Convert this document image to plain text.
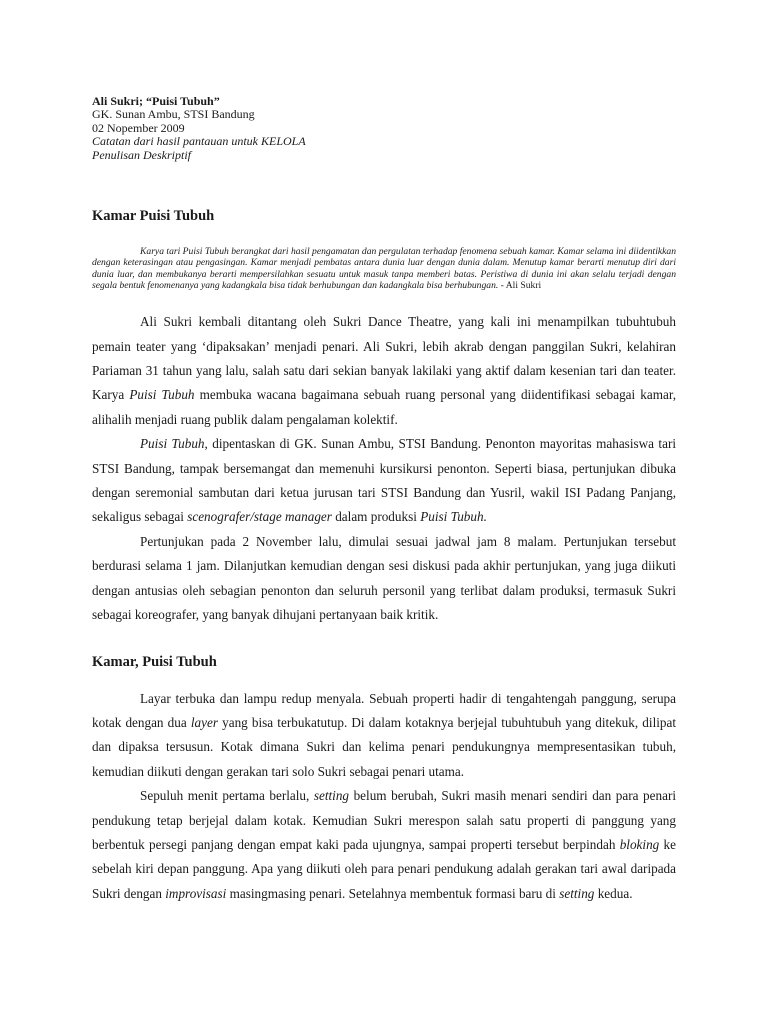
Ali Sukri; “Puisi Tubuh”
GK. Sunan Ambu, STSI Bandung
02 Nopember 2009
Catatan dari hasil pantauan untuk KELOLA
Penulisan Deskriptif
Kamar Puisi Tubuh
Karya tari Puisi Tubuh berangkat dari hasil pengamatan dan pergulatan terhadap fenomena sebuah kamar. Kamar selama ini diidentikkan dengan keterasingan atau pengasingan. Kamar menjadi pembatas antara dunia luar dengan dunia dalam. Menutup kamar berarti menutup diri dari dunia luar, dan membukanya berarti mempersilahkan sesuatu untuk masuk tanpa memberi batas. Peristiwa di dunia ini akan selalu terjadi dengan segala bentuk fenomenanya yang kadangkala bisa tidak berhubungan dan kadangkala bisa berhubungan. - Ali Sukri

Ali Sukri kembali ditantang oleh Sukri Dance Theatre, yang kali ini menampilkan tubuhtubuh pemain teater yang ‘dipaksakan’ menjadi penari. Ali Sukri, lebih akrab dengan panggilan Sukri, kelahiran Pariaman 31 tahun yang lalu, salah satu dari sekian banyak lakilaki yang aktif dalam kesenian tari dan teater. Karya Puisi Tubuh membuka wacana bagaimana sebuah ruang personal yang diidentifikasi sebagai kamar, alihalih menjadi ruang publik dalam pengalaman kolektif.

Puisi Tubuh, dipentaskan di GK. Sunan Ambu, STSI Bandung. Penonton mayoritas mahasiswa tari STSI Bandung, tampak bersemangat dan memenuhi kursikursi penonton. Seperti biasa, pertunjukan dibuka dengan seremonial sambutan dari ketua jurusan tari STSI Bandung dan Yusril, wakil ISI Padang Panjang, sekaligus sebagai scenografer/stage manager dalam produksi Puisi Tubuh.

Pertunjukan pada 2 November lalu, dimulai sesuai jadwal jam 8 malam. Pertunjukan tersebut berdurasi selama 1 jam. Dilanjutkan kemudian dengan sesi diskusi pada akhir pertunjukan, yang juga diikuti dengan antusias oleh sebagian penonton dan seluruh personil yang terlibat dalam produksi, termasuk Sukri sebagai koreografer, yang banyak dihujani pertanyaan baik kritik.

Kamar, Puisi Tubuh

Layar terbuka dan lampu redup menyala. Sebuah properti hadir di tengahtengah panggung, serupa kotak dengan dua layer yang bisa terbukatutup. Di dalam kotaknya berjejal tubuhtubuh yang ditekuk, dilipat dan dipaksa tersusun. Kotak dimana Sukri dan kelima penari pendukungnya mempresentasikan tubuh, kemudian diikuti dengan gerakan tari solo Sukri sebagai penari utama.

Sepuluh menit pertama berlalu, setting belum berubah, Sukri masih menari sendiri dan para penari pendukung tetap berjejal dalam kotak. Kemudian Sukri merespon salah satu properti di panggung yang berbentuk persegi panjang dengan empat kaki pada ujungnya, sampai properti tersebut berpindah bloking ke sebelah kiri depan panggung. Apa yang diikuti oleh para penari pendukung adalah gerakan tari awal daripada Sukri dengan improvisasi masingmasing penari. Setelahnya membentuk formasi baru di setting kedua.
